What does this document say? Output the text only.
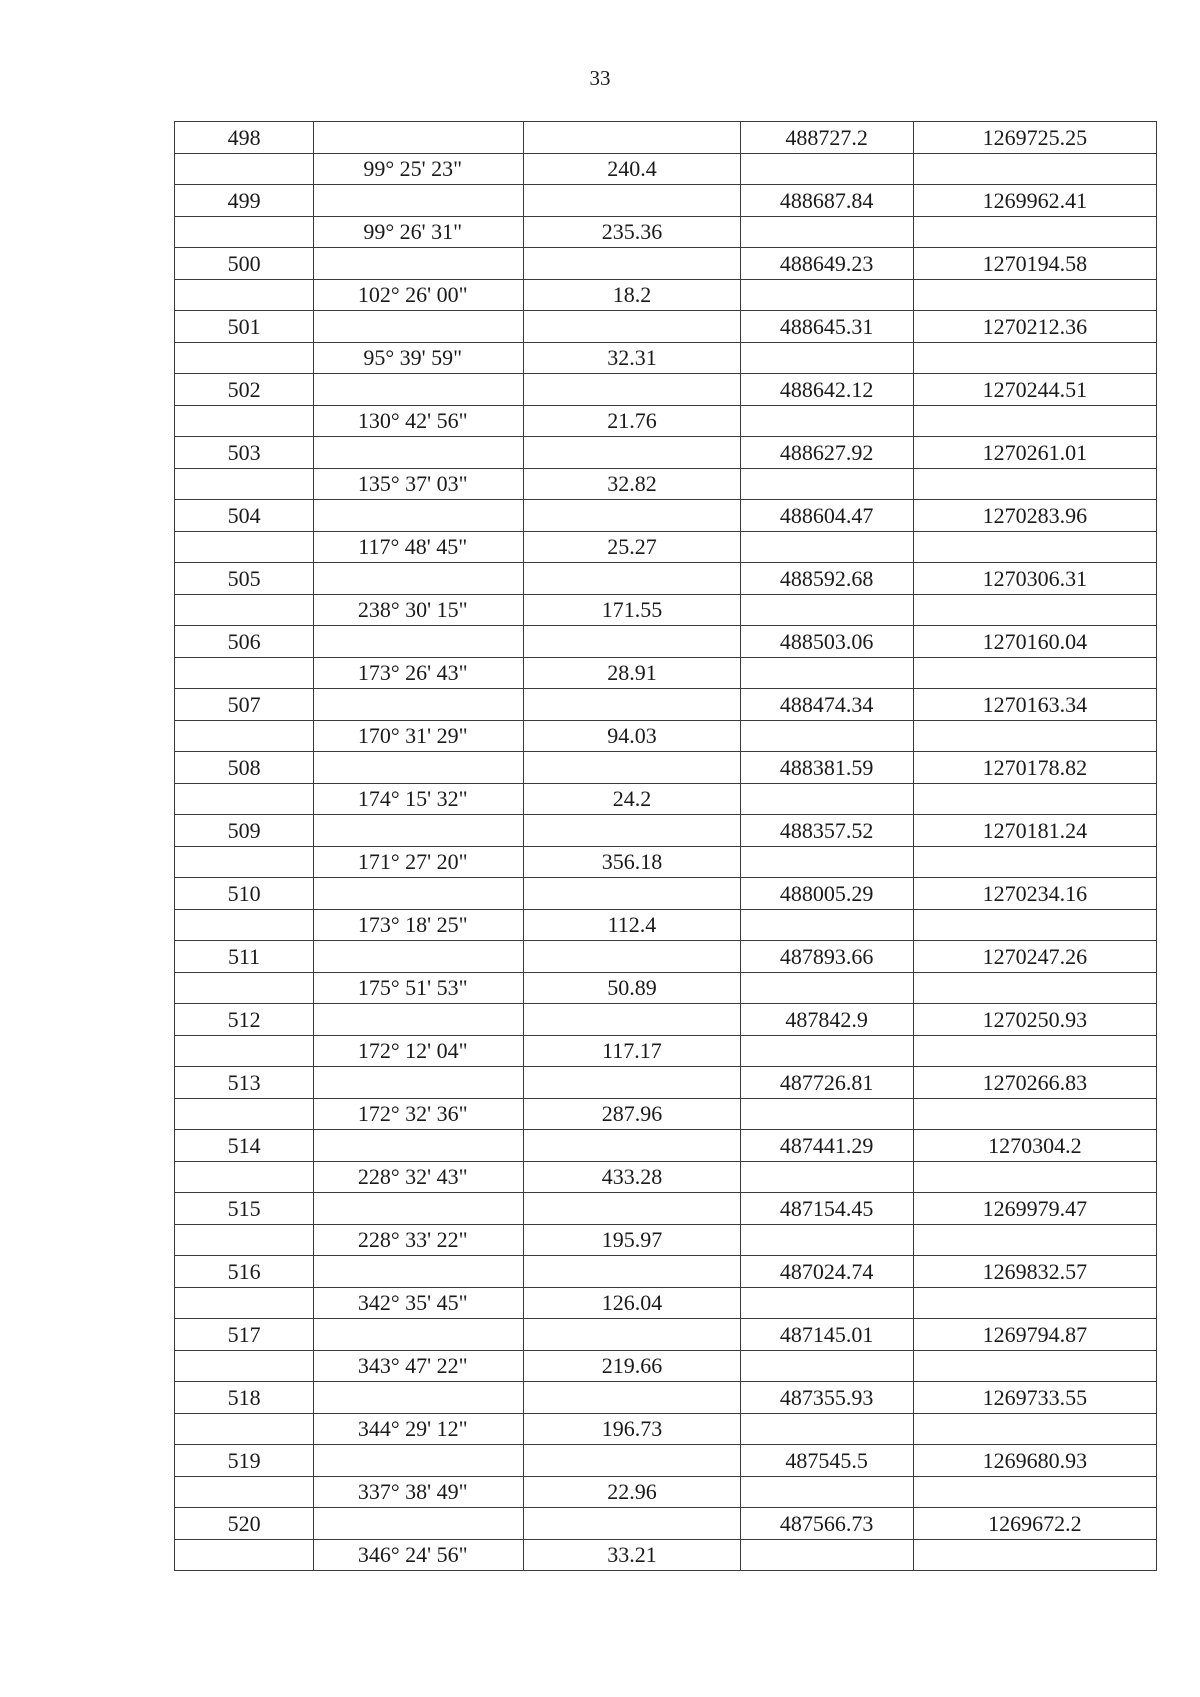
33
498			488727.2	1269725.25
	99° 25' 23"	240.4		
499			488687.84	1269962.41
	99° 26' 31"	235.36		
500			488649.23	1270194.58
	102° 26' 00"	18.2		
501			488645.31	1270212.36
	95° 39' 59"	32.31		
502			488642.12	1270244.51
	130° 42' 56"	21.76		
503			488627.92	1270261.01
	135° 37' 03"	32.82		
504			488604.47	1270283.96
	117° 48' 45"	25.27		
505			488592.68	1270306.31
	238° 30' 15"	171.55		
506			488503.06	1270160.04
	173° 26' 43"	28.91		
507			488474.34	1270163.34
	170° 31' 29"	94.03		
508			488381.59	1270178.82
	174° 15' 32"	24.2		
509			488357.52	1270181.24
	171° 27' 20"	356.18		
510			488005.29	1270234.16
	173° 18' 25"	112.4		
511			487893.66	1270247.26
	175° 51' 53"	50.89		
512			487842.9	1270250.93
	172° 12' 04"	117.17		
513			487726.81	1270266.83
	172° 32' 36"	287.96		
514			487441.29	1270304.2
	228° 32' 43"	433.28		
515			487154.45	1269979.47
	228° 33' 22"	195.97		
516			487024.74	1269832.57
	342° 35' 45"	126.04		
517			487145.01	1269794.87
	343° 47' 22"	219.66		
518			487355.93	1269733.55
	344° 29' 12"	196.73		
519			487545.5	1269680.93
	337° 38' 49"	22.96		
520			487566.73	1269672.2
	346° 24' 56"	33.21		
